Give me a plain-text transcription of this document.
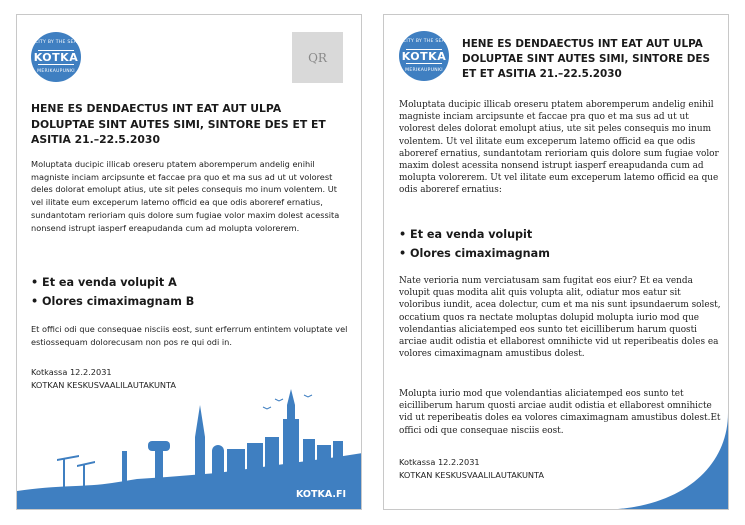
CITY BY THE SEA
KOTKA
MERIKAUPUNKI
QR
HENE ES DENDAECTUS INT EAT AUT ULPA DOLUPTAE SINT AUTES SIMI, SINTORE DES ET ET ASITIA 21.–22.5.2030
Moluptata ducipic illicab oreseru ptatem aboremperum andelig enihil magniste inciam arcipsunte et faccae pra quo et ma sus ad ut ut volorest deles dolorat emolupt atius, ute sit peles consequis mo inum volentem. Ut vel ilitate eum exceperum latemo officid ea que odis aboreref ernatius, sundantotam rerioriam quis dolore sum fugiae volor maxim dolest acessita nonsend istrupt iasperf ereapudanda cum ad molupta volorerem.
• Et ea venda volupit A
• Olores cimaximagnam B
Et offici odi que consequae nisciis eost, sunt erferrum entintem voluptate vel estiossequam dolorecusam non pos re qui odi in.
Kotkassa 12.2.2031
KOTKAN KESKUSVAALILAUTAKUNTA
KOTKA.FI
CITY BY THE SEA
KOTKA
MERIKAUPUNKI
HENE ES DENDAECTUS INT EAT AUT ULPA DOLUPTAE SINT AUTES SIMI, SINTORE DES ET ET ASITIA 21.–22.5.2030
Moluptata ducipic illicab oreseru ptatem aboremperum andelig enihil magniste inciam arcipsunte et faccae pra quo et ma sus ad ut ut volorest deles dolorat emolupt atius, ute sit peles consequis mo inum volentem. Ut vel ilitate eum exceperum latemo officid ea que odis aboreref ernatius, sundantotam rerioriam quis dolore sum fugiae volor maxim dolest acessita nonsend istrupt iasperf ereapudanda cum ad molupta volorerem. Ut vel ilitate eum exceperum latemo officid ea que odis aboreref ernatius:
• Et ea venda volupit
• Olores cimaximagnam
Nate verioria num verciatusam sam fugitat eos eiur? Et ea venda volupit quas modita alit quis volupta alit, odiatur mos eatur sit voloribus iundit, acea dolectur, cum et ma nis sunt ipsundaerum solest, occatium quos ra nectate moluptas dolupid molupta iurio mod que volendantias aliciatemped eos sunto tet eicilliberum harum quosti arciae audit odistia et ellaborest omnihicte vid ut reperibeatis doles ea volores cimaximagnam amustibus dolest.
Molupta iurio mod que volendantias aliciatemped eos sunto tet eicilliberum harum quosti arciae audit odistia et ellaborest omnihicte vid ut reperibeatis doles ea volores cimaximagnam amustibus dolest.Et offici odi que consequae nisciis eost.
Kotkassa 12.2.2031
KOTKAN KESKUSVAALILAUTAKUNTA
